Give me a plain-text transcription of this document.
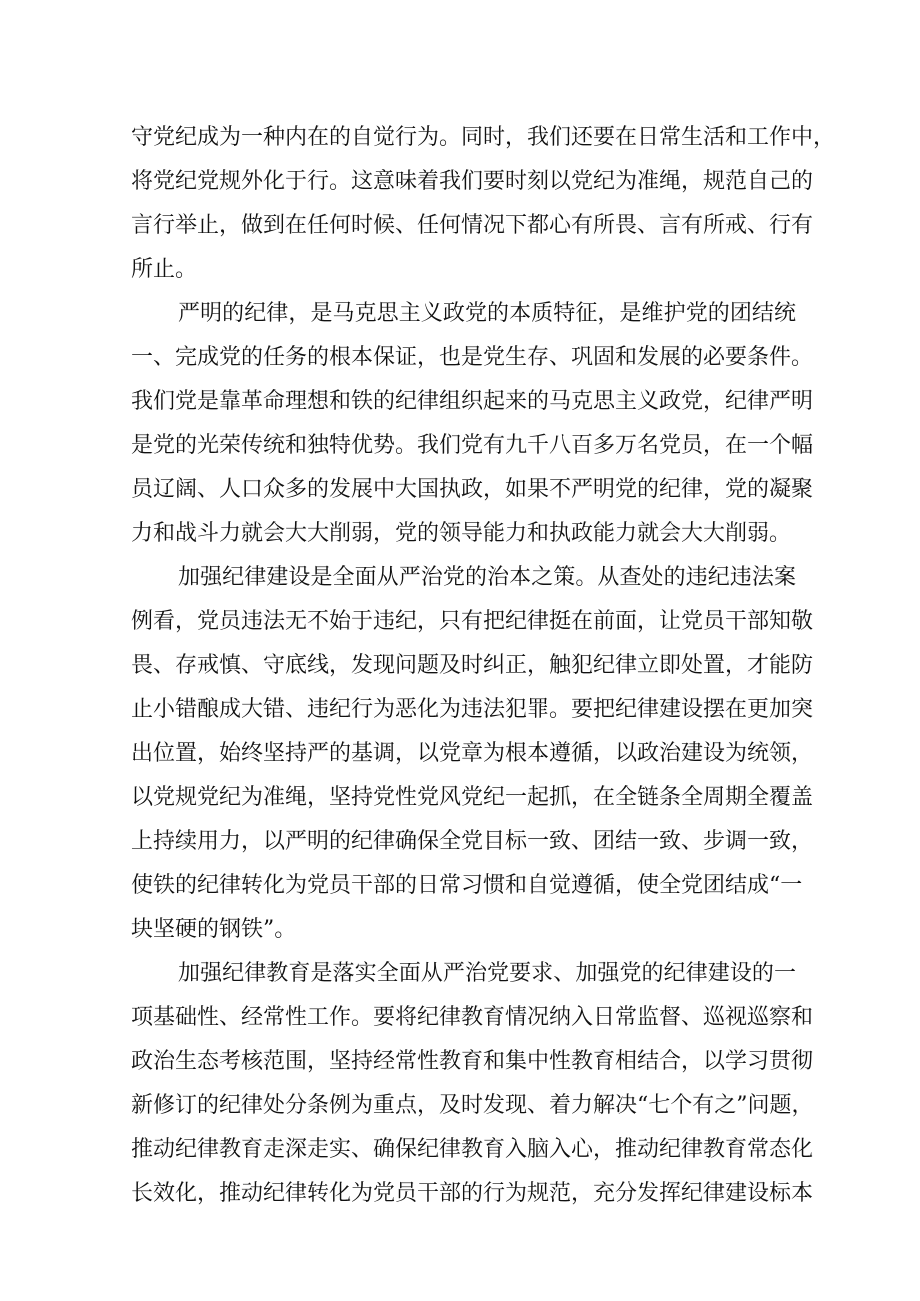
守党纪成为一种内在的自觉行为。同时，我们还要在日常生活和工作中，
将党纪党规外化于行。这意味着我们要时刻以党纪为准绳，规范自己的
言行举止，做到在任何时候、任何情况下都心有所畏、言有所戒、行有
所止。
严明的纪律，是马克思主义政党的本质特征，是维护党的团结统
一、完成党的任务的根本保证，也是党生存、巩固和发展的必要条件。
我们党是靠革命理想和铁的纪律组织起来的马克思主义政党，纪律严明
是党的光荣传统和独特优势。我们党有九千八百多万名党员，在一个幅
员辽阔、人口众多的发展中大国执政，如果不严明党的纪律，党的凝聚
力和战斗力就会大大削弱，党的领导能力和执政能力就会大大削弱。
加强纪律建设是全面从严治党的治本之策。从查处的违纪违法案
例看，党员违法无不始于违纪，只有把纪律挺在前面，让党员干部知敬
畏、存戒慎、守底线，发现问题及时纠正，触犯纪律立即处置，才能防
止小错酿成大错、违纪行为恶化为违法犯罪。要把纪律建设摆在更加突
出位置，始终坚持严的基调，以党章为根本遵循，以政治建设为统领，
以党规党纪为准绳，坚持党性党风党纪一起抓，在全链条全周期全覆盖
上持续用力，以严明的纪律确保全党目标一致、团结一致、步调一致，
使铁的纪律转化为党员干部的日常习惯和自觉遵循，使全党团结成“一
块坚硬的钢铁”。
加强纪律教育是落实全面从严治党要求、加强党的纪律建设的一
项基础性、经常性工作。要将纪律教育情况纳入日常监督、巡视巡察和
政治生态考核范围，坚持经常性教育和集中性教育相结合，以学习贯彻
新修订的纪律处分条例为重点，及时发现、着力解决“七个有之”问题，
推动纪律教育走深走实、确保纪律教育入脑入心，推动纪律教育常态化
长效化，推动纪律转化为党员干部的行为规范，充分发挥纪律建设标本
